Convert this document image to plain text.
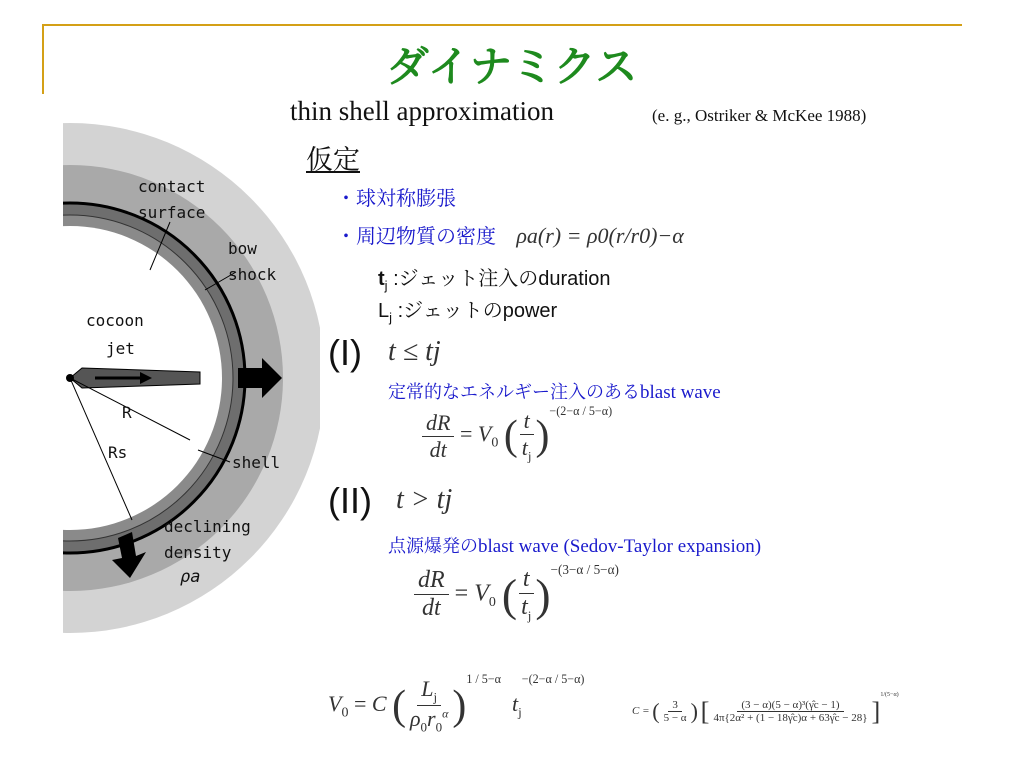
ダイナミクス
thin shell approximation	(e. g., Ostriker & McKee 1988)
仮定
・球対称膨張
・周辺物質の密度 ρa(r) = ρ0(r/r0)−α
$t_j$ :ジェット注入のduration
$L_j$ :ジェットのpower
(I) t ≤ tj
定常的なエネルギー注入のあるblast wave
$\frac{dR}{dt} = V_0$ ( $\frac{t}{t_j} )^{-(2-\alpha / 5-\alpha)}$
(II) t > tj
点源爆発のblast wave (Sedov-Taylor expansion)
$\frac{dR}{dt} = V_0$ ( $\frac{t}{t_j} )^{-(3-\alpha / 5-\alpha)}$
$V_0 = C$ ( $\frac{L_j}{\rho_0r_0^\alpha} )^{1 / 5-\alpha}$  $t_j^{-(2-\alpha / 5-\alpha)}$
C = ( $\frac{3}{5 - \alpha}$ ) [ $\frac{\text{(3 − α)(5 − α)³(γ̂c − 1)}}{\text{4π\{2α² + (1 − 18γ̂c)α + 63γ̂c − 28\}}} ]^{1/(5-\alpha)}$
contact
surface
bow
shock
cocoon
jet
R
Rs
shell
declining
density
ρa
